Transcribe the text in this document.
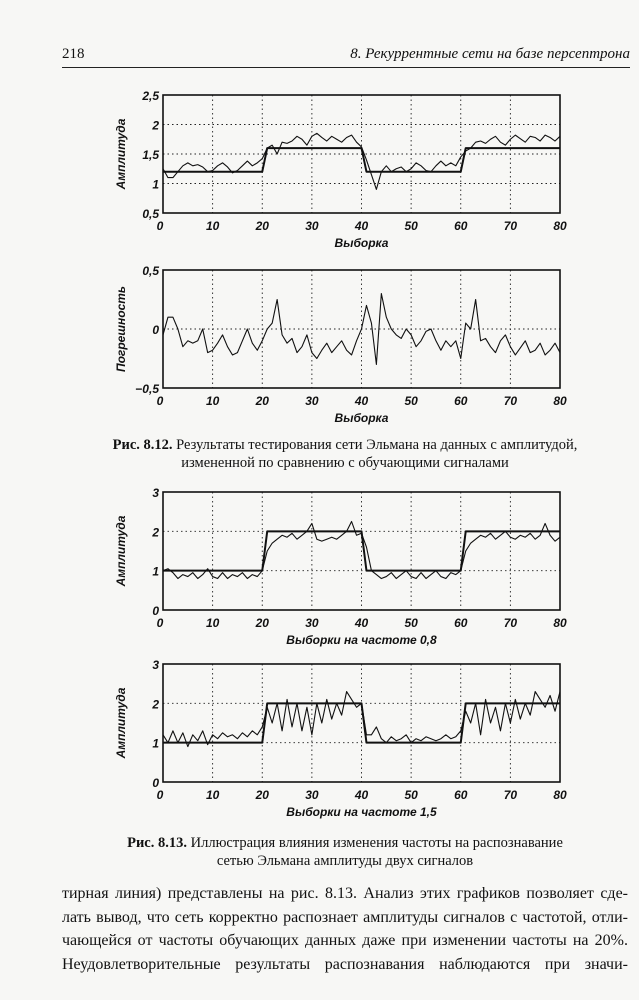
218	8. Рекуррентные сети на базе персептрона
0	10	20	30	40	50	60	70	80
0,5
1
1,5
2
2,5
Выборка
Амплитуда
0	10	20	30	40	50	60	70	80
−0,5
0
0,5
Выборка
Погрешность
Рис. 8.12. Результаты тестирования сети Эльмана на данных с амплитудой,
измененной по сравнению с обучающими сигналами
0	10	20	30	40	50	60	70	80
0
1
2
3
Выборки на частоте 0,8
Амплитуда
0	10	20	30	40	50	60	70	80
0
1
2
3
Выборки на частоте 1,5
Амплитуда
Рис. 8.13. Иллюстрация влияния изменения частоты на распознавание
сетью Эльмана амплитуды двух сигналов
тирная линия) представлены на рис. 8.13. Анализ этих графиков позволяет сде-
лать вывод, что сеть корректно распознает амплитуды сигналов с частотой, отли-
чающейся от частоты обучающих данных даже при изменении частоты на 20%.
Неудовлетворительные результаты распознавания наблюдаются при значи-
